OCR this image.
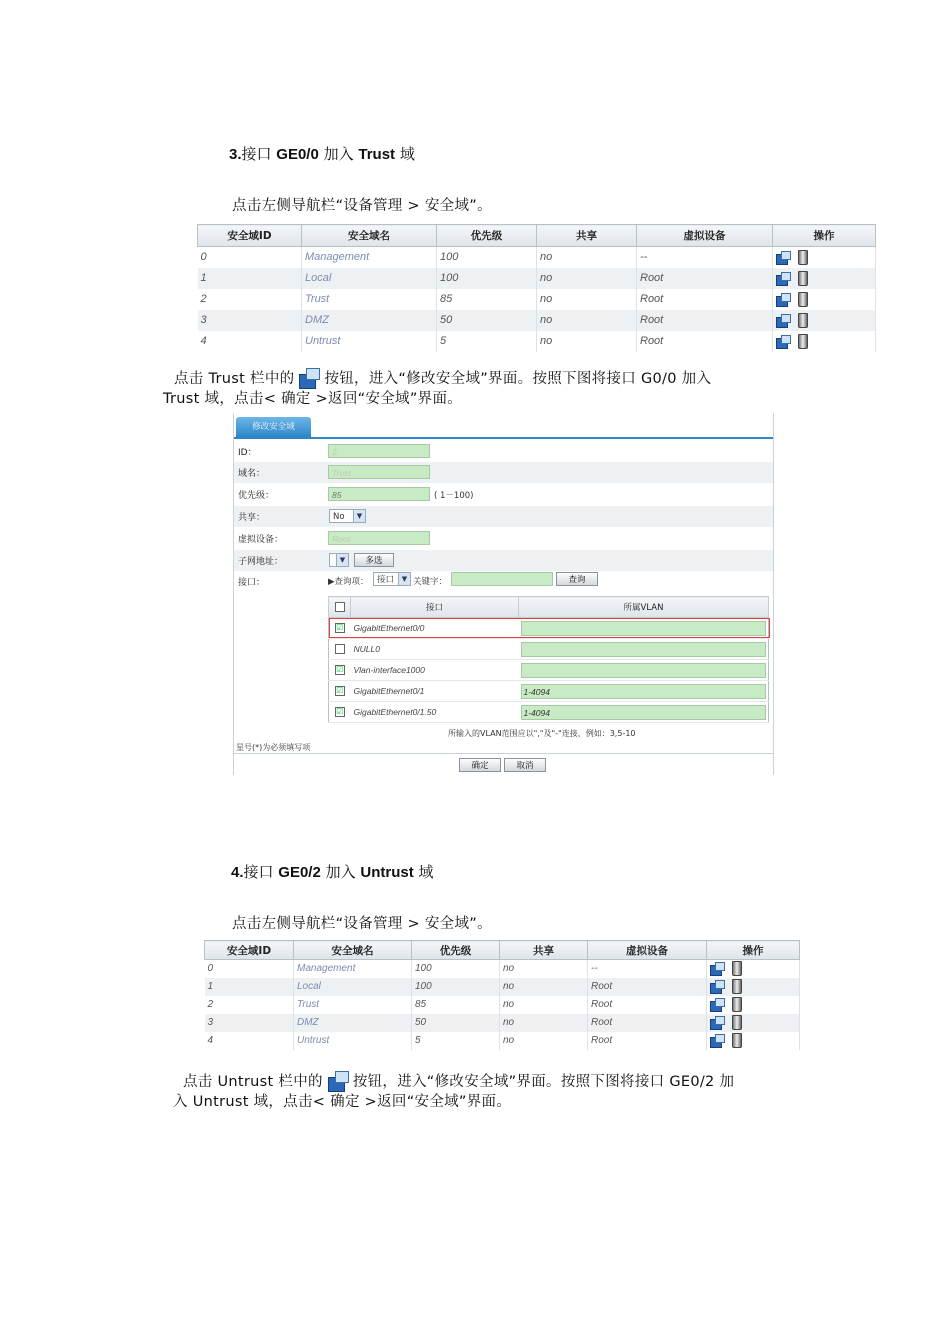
3.接口 GE0/0 加入 Trust 域
点击左侧导航栏“设备管理 > 安全域”。
安全域ID	安全域名	优先级	共享	虚拟设备	操作
0	Management	100	no	--	
1	Local	100	no	Root	
2	Trust	85	no	Root	
3	DMZ	50	no	Root	
4	Untrust	5	no	Root	
点击 Trust 栏中的 按钮，进入“修改安全域”界面。按照下图将接口 G0/0 加入
Trust 域，点击< 确定 >返回“安全域”界面。
修改安全域
ID：	2
域名：	Trust
优先级：	85	( 1－100)
共享：	No	▼
虚拟设备：	Root
子网地址：	▼	多选
接口：	▶查询项： 接口	▼ 关键字：	查询
	接口	所属VLAN
☑	GigabitEthernet0/0	

	NULL0	

☑	Vlan-interface1000	

☑	GigabitEthernet0/1	1-4094

☑	GigabitEthernet0/1.50	1-4094
所输入的VLAN范围应以","及"-"连接，例如：3,5-10
星号(*)为必须填写项
确定	取消
4.接口 GE0/2 加入 Untrust 域
点击左侧导航栏“设备管理 > 安全域”。
安全域ID	安全域名	优先级	共享	虚拟设备	操作
0	Management	100	no	--	
1	Local	100	no	Root	
2	Trust	85	no	Root	
3	DMZ	50	no	Root	
4	Untrust	5	no	Root	
点击 Untrust 栏中的 按钮，进入“修改安全域”界面。按照下图将接口 GE0/2 加
入 Untrust 域，点击< 确定 >返回“安全域”界面。
